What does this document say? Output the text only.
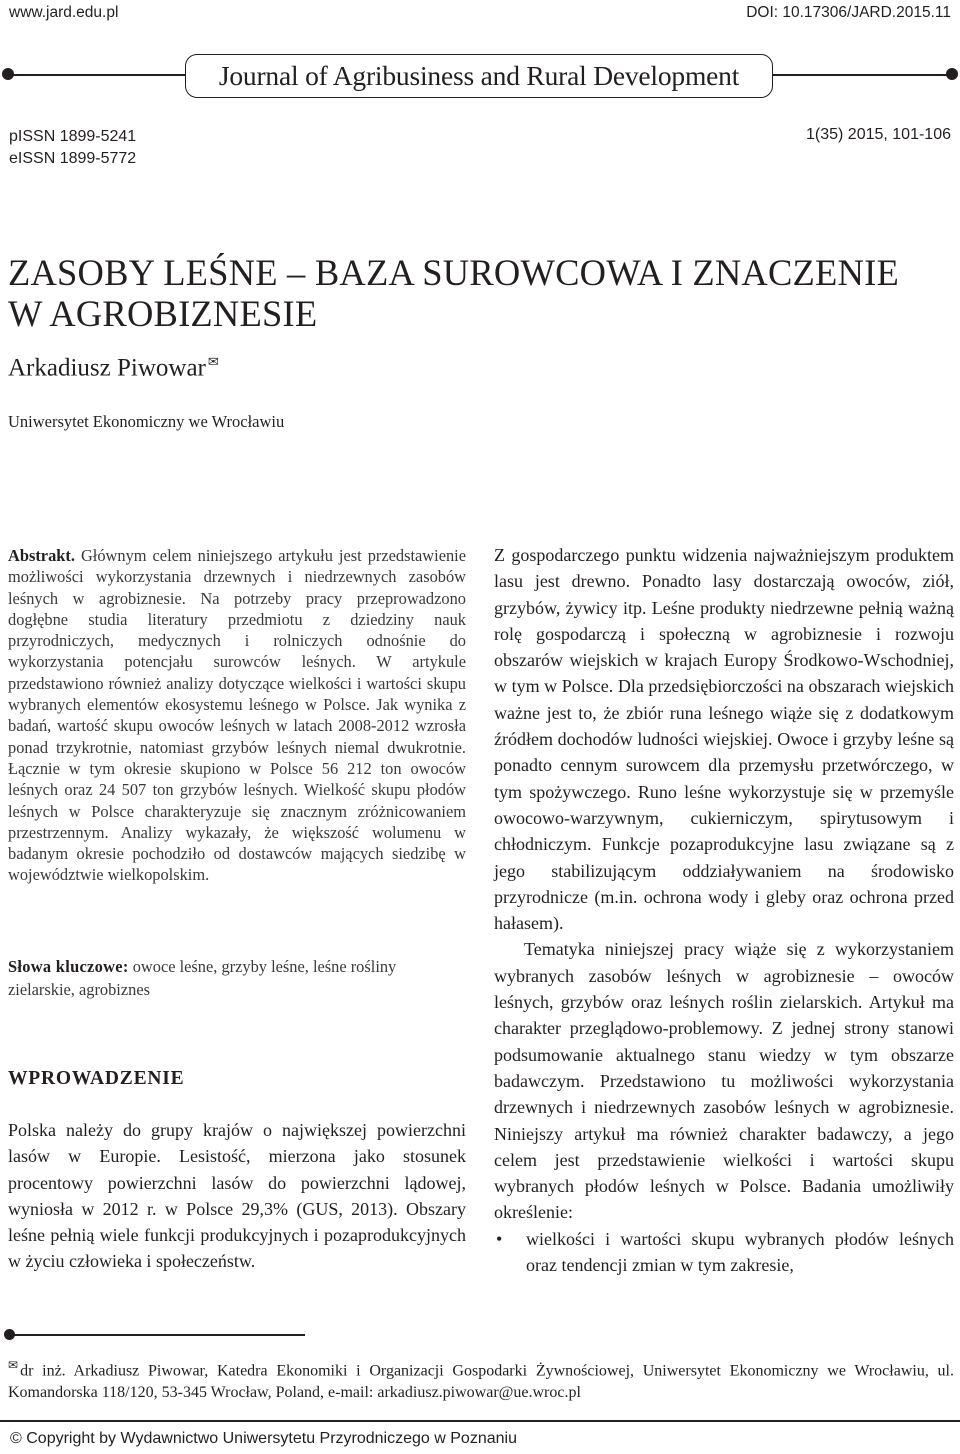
www.jard.edu.pl	DOI: 10.17306/JARD.2015.11
Journal of Agribusiness and Rural Development
pISSN 1899-5241
eISSN 1899-5772
1(35) 2015, 101-106
ZASOBY LEŚNE – BAZA SUROWCOWA I ZNACZENIE
W AGROBIZNESIE
Arkadiusz Piwowar ✉
Uniwersytet Ekonomiczny we Wrocławiu
Abstrakt. Głównym celem niniejszego artykułu jest przedstawienie możliwości wykorzystania drzewnych i niedrzewnych zasobów leśnych w agrobiznesie. Na potrzeby pracy przeprowadzono dogłębne studia literatury przedmiotu z dziedziny nauk przyrodniczych, medycznych i rolniczych odnośnie do wykorzystania potencjału surowców leśnych. W artykule przedstawiono również analizy dotyczące wielkości i wartości skupu wybranych elementów ekosystemu leśnego w Polsce. Jak wynika z badań, wartość skupu owoców leśnych w latach 2008-2012 wzrosła ponad trzykrotnie, natomiast grzybów leśnych niemal dwukrotnie. Łącznie w tym okresie skupiono w Polsce 56 212 ton owoców leśnych oraz 24 507 ton grzybów leśnych. Wielkość skupu płodów leśnych w Polsce charakteryzuje się znacznym zróżnicowaniem przestrzennym. Analizy wykazały, że większość wolumenu w badanym okresie pochodziło od dostawców mających siedzibę w województwie wielkopolskim.
Słowa kluczowe: owoce leśne, grzyby leśne, leśne rośliny zielarskie, agrobiznes
WPROWADZENIE
Polska należy do grupy krajów o największej powierzchni lasów w Europie. Lesistość, mierzona jako stosunek procentowy powierzchni lasów do powierzchni lądowej, wyniosła w 2012 r. w Polsce 29,3% (GUS, 2013). Obszary leśne pełnią wiele funkcji produkcyjnych i pozaprodukcyjnych w życiu człowieka i społeczeństw.

Z gospodarczego punktu widzenia najważniejszym produktem lasu jest drewno. Ponadto lasy dostarczają owoców, ziół, grzybów, żywicy itp. Leśne produkty niedrzewne pełnią ważną rolę gospodarczą i społeczną w agrobiznesie i rozwoju obszarów wiejskich w krajach Europy Środkowo-Wschodniej, w tym w Polsce. Dla przedsiębiorczości na obszarach wiejskich ważne jest to, że zbiór runa leśnego wiąże się z dodatkowym źródłem dochodów ludności wiejskiej. Owoce i grzyby leśne są ponadto cennym surowcem dla przemysłu przetwórczego, w tym spożywczego. Runo leśne wykorzystuje się w przemyśle owocowo-warzywnym, cukierniczym, spirytusowym i chłodniczym. Funkcje pozaprodukcyjne lasu związane są z jego stabilizującym oddziaływaniem na środowisko przyrodnicze (m.in. ochrona wody i gleby oraz ochrona przed hałasem).

Tematyka niniejszej pracy wiąże się z wykorzystaniem wybranych zasobów leśnych w agrobiznesie – owoców leśnych, grzybów oraz leśnych roślin zielarskich. Artykuł ma charakter przeglądowo-problemowy. Z jednej strony stanowi podsumowanie aktualnego stanu wiedzy w tym obszarze badawczym. Przedstawiono tu możliwości wykorzystania drzewnych i niedrzewnych zasobów leśnych w agrobiznesie. Niniejszy artykuł ma również charakter badawczy, a jego celem jest przedstawienie wielkości i wartości skupu wybranych płodów leśnych w Polsce. Badania umożliwiły określenie:

•	wielkości i wartości skupu wybranych płodów leśnych oraz tendencji zmian w tym zakresie,
✉ dr inż. Arkadiusz Piwowar, Katedra Ekonomiki i Organizacji Gospodarki Żywnościowej, Uniwersytet Ekonomiczny we Wrocławiu, ul. Komandorska 118/120, 53-345 Wrocław, Poland, e-mail: arkadiusz.piwowar@ue.wroc.pl
© Copyright by Wydawnictwo Uniwersytetu Przyrodniczego w Poznaniu
